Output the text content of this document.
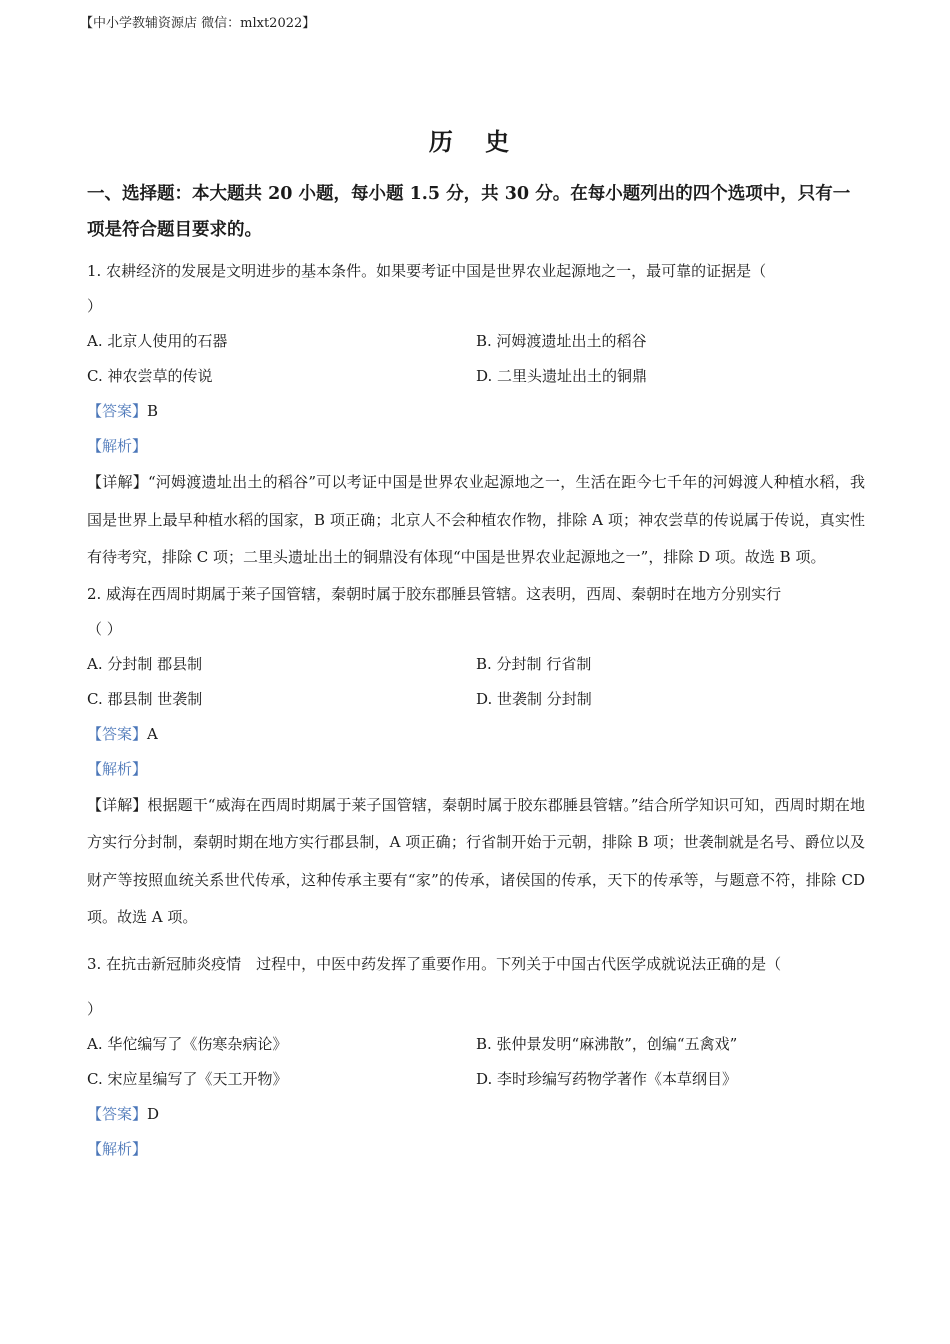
【中小学教辅资源店 微信：mlxt2022】
历 史
一、选择题：本大题共 20 小题，每小题 1.5 分，共 30 分。在每小题列出的四个选项中，只有一项是符合题目要求的。

1. 农耕经济的发展是文明进步的基本条件。如果要考证中国是世界农业起源地之一，最可靠的证据是（

）

A. 北京人使用的石器	B. 河姆渡遗址出土的稻谷
C. 神农尝草的传说	D. 二里头遗址出土的铜鼎

【答案】B

【解析】

【详解】“河姆渡遗址出土的稻谷”可以考证中国是世界农业起源地之一，生活在距今七千年的河姆渡人种植水稻，我国是世界上最早种植水稻的国家，B 项正确；北京人不会种植农作物，排除 A 项；神农尝草的传说属于传说，真实性有待考究，排除 C 项；二里头遗址出土的铜鼎没有体现“中国是世界农业起源地之一”，排除 D 项。故选 B 项。

2. 威海在西周时期属于莱子国管辖，秦朝时属于胶东郡腄县管辖。这表明，西周、秦朝时在地方分别实行

（ ）

A. 分封制 郡县制	B. 分封制 行省制
C. 郡县制 世袭制	D. 世袭制 分封制

【答案】A

【解析】

【详解】根据题干“威海在西周时期属于莱子国管辖，秦朝时属于胶东郡腄县管辖。”结合所学知识可知，西周时期在地方实行分封制，秦朝时期在地方实行郡县制，A 项正确；行省制开始于元朝，排除 B 项；世袭制就是名号、爵位以及财产等按照血统关系世代传承，这种传承主要有“家”的传承，诸侯国的传承，天下的传承等，与题意不符，排除 CD 项。故选 A 项。

3. 在抗击新冠肺炎疫情　过程中，中医中药发挥了重要作用。下列关于中国古代医学成就说法正确的是（

）

A. 华佗编写了《伤寒杂病论》	B. 张仲景发明“麻沸散”，创编“五禽戏”
C. 宋应星编写了《天工开物》	D. 李时珍编写药物学著作《本草纲目》

【答案】D

【解析】
